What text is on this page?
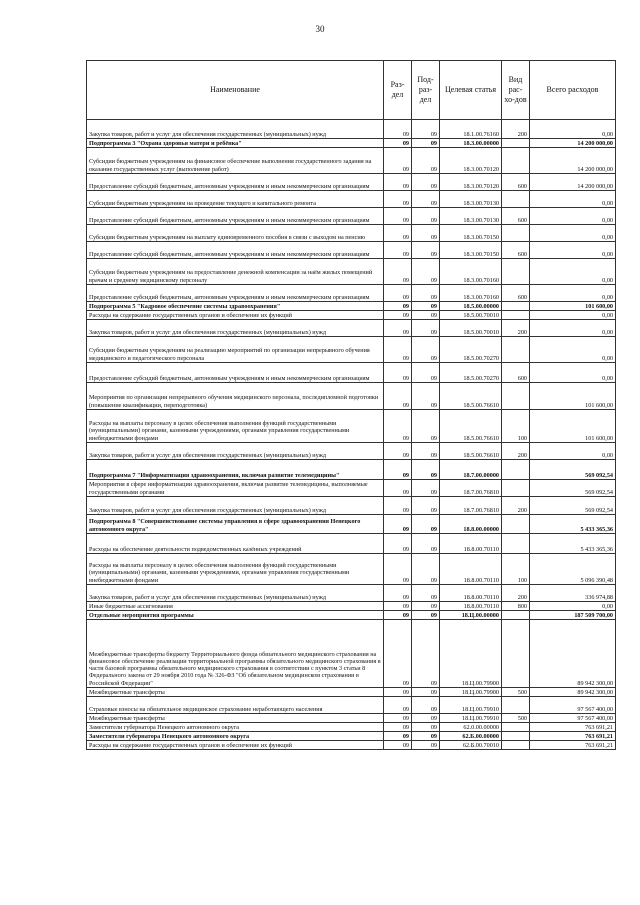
30
Наименование	Раз-дел	Под-раз-дел	Целевая статья	Вид рас-хо-дов	Всего расходов
Закупка товаров, работ и услуг для обеспечения государственных (муниципальных) нужд	09	09	18.1.00.76160	200	0,00
Подпрограмма 3 "Охрана здоровья матери и ребёнка"	09	09	18.3.00.00000		14 200 000,00
Субсидии бюджетным учреждениям на финансовое обеспечение выполнения государственного задания на оказание государственных услуг (выполнение работ)	09	09	18.3.00.70120		14 200 000,00
Предоставление субсидий бюджетным, автономным учреждениям и иным некоммерческим организациям	09	09	18.3.00.70120	600	14 200 000,00
Субсидии бюджетным учреждениям на проведение текущего и капитального ремонта	09	09	18.3.00.70130		0,00
Предоставление субсидий бюджетным, автономным учреждениям и иным некоммерческим организациям	09	09	18.3.00.70130	600	0,00
Субсидии бюджетным учреждениям на выплату единовременного пособия в связи с выходом на пенсию	09	09	18.3.00.70150		0,00
Предоставление субсидий бюджетным, автономным учреждениям и иным некоммерческим организациям	09	09	18.3.00.70150	600	0,00
Субсидии бюджетным учреждениям на предоставление денежной компенсации за наём жилых помещений врачам и среднему медицинскому персоналу	09	09	18.3.00.70160		0,00
Предоставление субсидий бюджетным, автономным учреждениям и иным некоммерческим организациям	09	09	18.3.00.70160	600	0,00
Подпрограмма 5 "Кадровое обеспечение системы здравоохранения"	09	09	18.5.00.00000		101 600,00
Расходы на содержание государственных органов и обеспечение их функций	09	09	18.5.00.70010		0,00
Закупка товаров, работ и услуг для обеспечения государственных (муниципальных) нужд	09	09	18.5.00.70010	200	0,00
Субсидии бюджетным учреждениям на реализацию мероприятий по организации непрерывного обучения медицинского и педагогического персонала	09	09	18.5.00.70270		0,00
Предоставление субсидий бюджетным, автономным учреждениям и иным некоммерческим организациям	09	09	18.5.00.70270	600	0,00
Мероприятия по организации непрерывного обучения медицинского персонала, последипломной подготовки (повышение квалификации, переподготовка)	09	09	18.5.00.76610		101 600,00
Расходы на выплаты персоналу в целях обеспечения выполнения функций государственными (муниципальными) органами, казенными учреждениями, органами управления государственными внебюджетными фондами	09	09	18.5.00.76610	100	101 600,00
Закупка товаров, работ и услуг для обеспечения государственных (муниципальных) нужд	09	09	18.5.00.76610	200	0,00
Подпрограмма 7 "Информатизация здравоохранения, включая развитие телемедицины"	09	09	18.7.00.00000		569 092,54
Мероприятия в сфере информатизации здравоохранения, включая развитие телемедицины, выполняемые государственными органами	09	09	18.7.00.76810		569 092,54
Закупка товаров, работ и услуг для обеспечения государственных (муниципальных) нужд	09	09	18.7.00.76810	200	569 092,54
Подпрограмма 8 "Совершенствование системы управления в сфере здравоохранения Ненецкого автономного округа"	09	09	18.8.00.00000		5 433 365,36
Расходы на обеспечение деятельности подведомственных казённых учреждений	09	09	18.8.00.70110		5 433 365,36
Расходы на выплаты персоналу в целях обеспечения выполнения функций государственными (муниципальными) органами, казенными учреждениями, органами управления государственными внебюджетными фондами	09	09	18.8.00.70110	100	5 096 390,48
Закупка товаров, работ и услуг для обеспечения государственных (муниципальных) нужд	09	09	18.8.00.70110	200	336 974,88
Иные бюджетные ассигнования	09	09	18.8.00.70110	800	0,00
Отдельные мероприятия программы	09	09	18.Ц.00.00000		187 509 700,00
Межбюджетные трансферты бюджету Территориального фонда обязательного медицинского страхования на финансовое обеспечение реализации территориальной программы обязательного медицинского страхования в части базовой программы обязательного медицинского страхования в соответствии с пунктом 3 статьи 8 Федерального закона от 29 ноября 2010 года № 326-ФЗ "Об обязательном медицинском страховании в Российской Федерации"	09	09	18.Ц.00.79900		89 942 300,00
Межбюджетные трансферты	09	09	18.Ц.00.79900	500	89 942 300,00
Страховые взносы на обязательное медицинское страхование неработающего населения	09	09	18.Ц.00.79910		97 567 400,00
Межбюджетные трансферты	09	09	18.Ц.00.79910	500	97 567 400,00
Заместители губернатора Ненецкого автономного округа	09	09	62.0.00.00000		763 691,21
Заместители губернатора Ненецкого автономного округа	09	09	62.Б.00.00000		763 691,21
Расходы на содержание государственных органов и обеспечение их функций	09	09	62.Б.00.70010		763 691,21
